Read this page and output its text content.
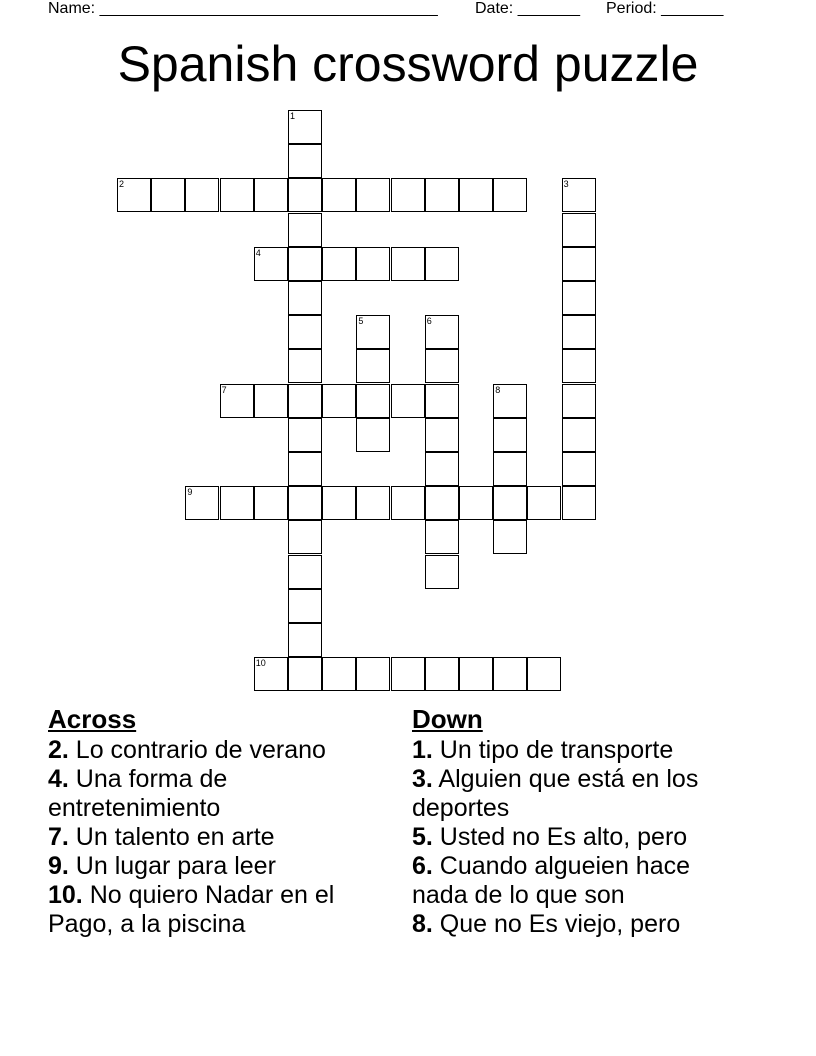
Name: ______________________________________

Date: _______

Period: _______

Spanish crossword puzzle
1
2	3
4
5	6
7	8
9
10
Across
2. Lo contrario de verano
4. Una forma de entretenimiento
7. Un talento en arte
9. Un lugar para leer
10. No quiero Nadar en el Pago, a la piscina
Down
1. Un tipo de transporte
3. Alguien que está en los deportes
5. Usted no Es alto, pero
6. Cuando algueien hace nada de lo que son
8. Que no Es viejo, pero
